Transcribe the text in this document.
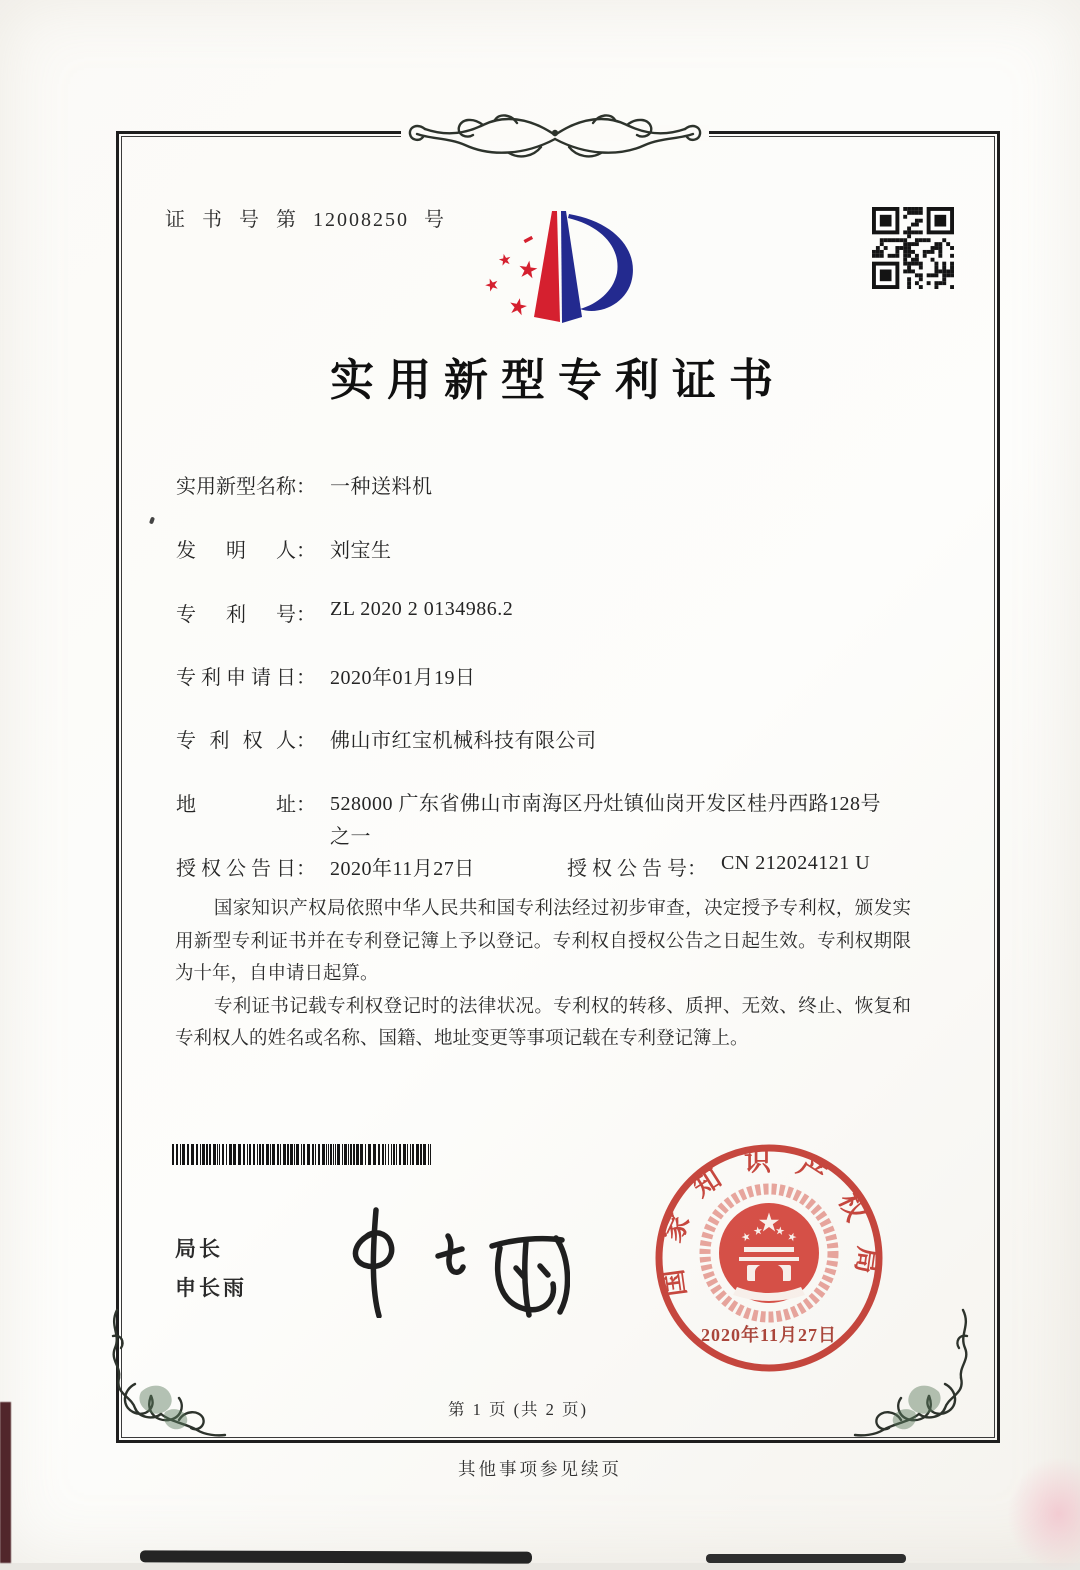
证 书 号 第 12008250 号
实用新型专利证书
实用新型名称： 一种送料机
发明人： 刘宝生
专利号： ZL 2020 2 0134986.2
专利申请日： 2020年01月19日
专利权人： 佛山市红宝机械科技有限公司
地址： 528000 广东省佛山市南海区丹灶镇仙岗开发区桂丹西路128号之一
授权公告日： 2020年11月27日	授权公告号： CN 212024121 U

国家知识产权局依照中华人民共和国专利法经过初步审查，决定授予专利权，颁发实用新型专利证书并在专利登记簿上予以登记。专利权自授权公告之日起生效。专利权期限为十年，自申请日起算。

专利证书记载专利权登记时的法律状况。专利权的转移、质押、无效、终止、恢复和专利权人的姓名或名称、国籍、地址变更等事项记载在专利登记簿上。

局长
申长雨	国家知识产权局
2020年11月27日
第 1 页 (共 2 页)
其他事项参见续页
